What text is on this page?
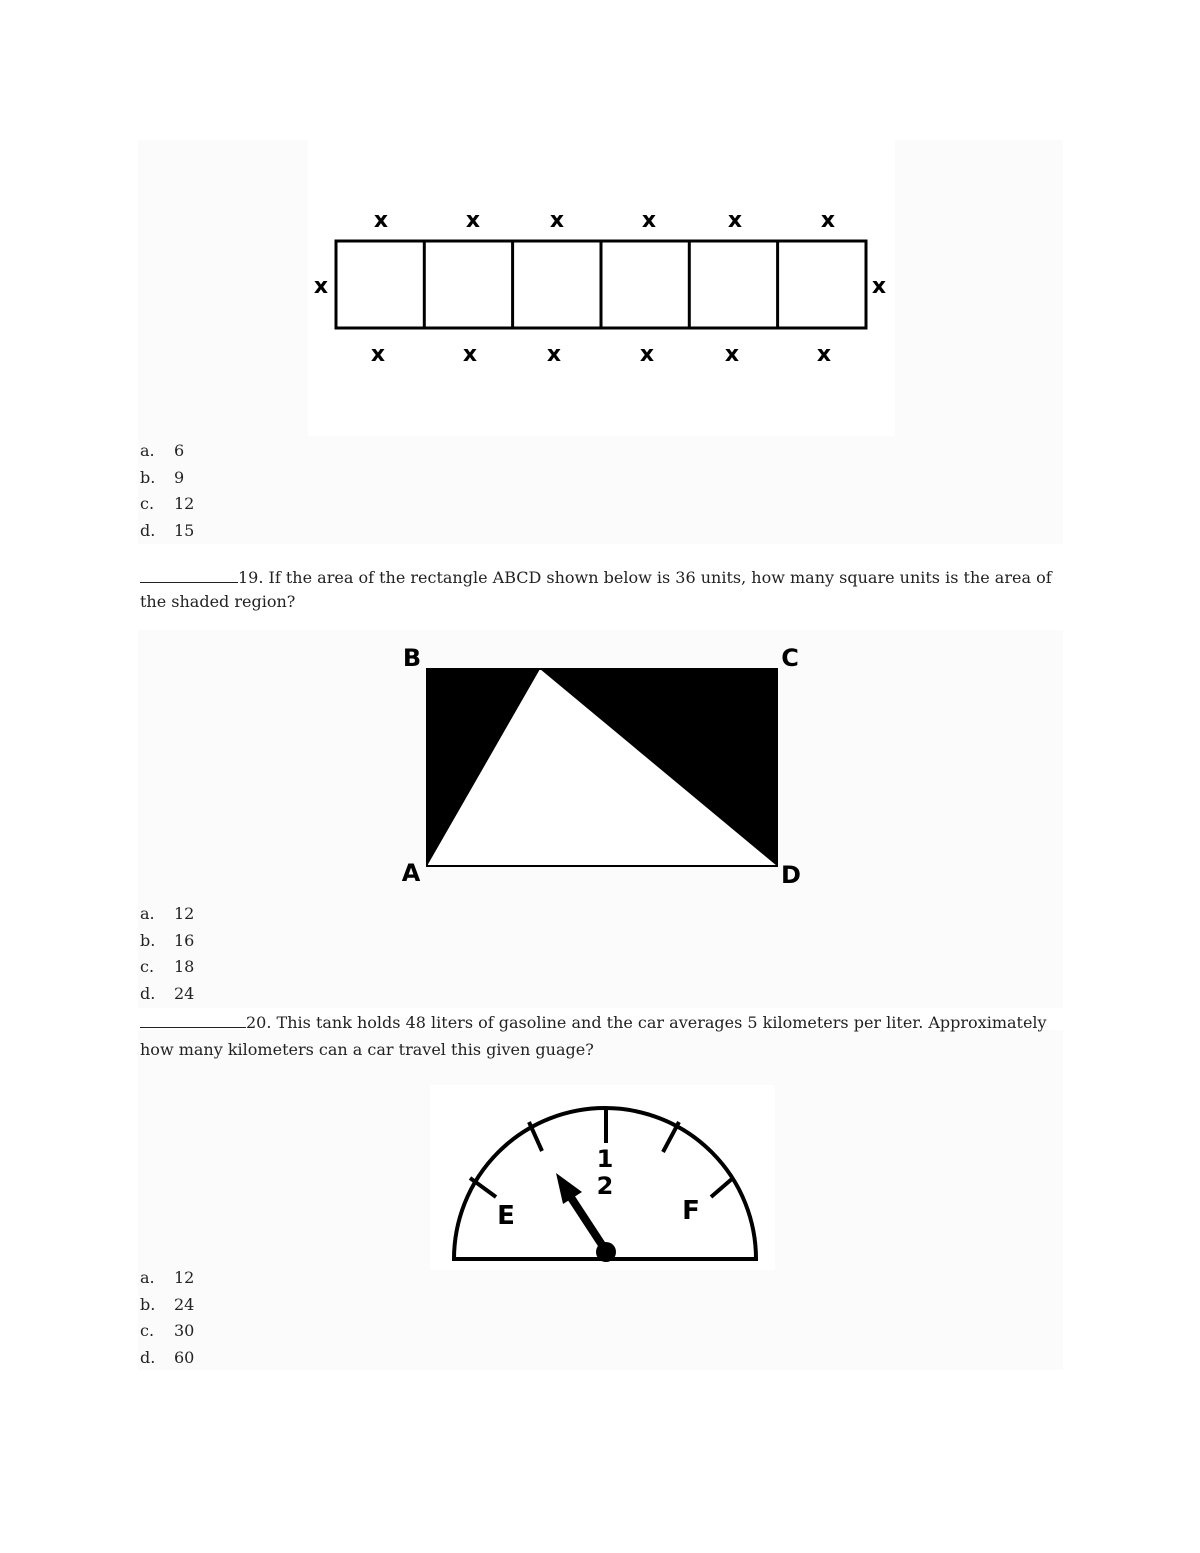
x	x	x	x	x	x
x	x
x	x	x	x	x	x
a.	6
b.	9
c.	12
d.	15
19. If the area of the rectangle ABCD shown below is 36 units, how many square units is the area of the shaded region?
B	C
A	D
a.	12
b.	16
c.	18
d.	24
20. This tank holds 48 liters of gasoline and the car averages 5 kilometers per liter. Approximately how many kilometers can a car travel this given guage?
1
2
E	F
a.	12
b.	24
c.	30
d.	60
